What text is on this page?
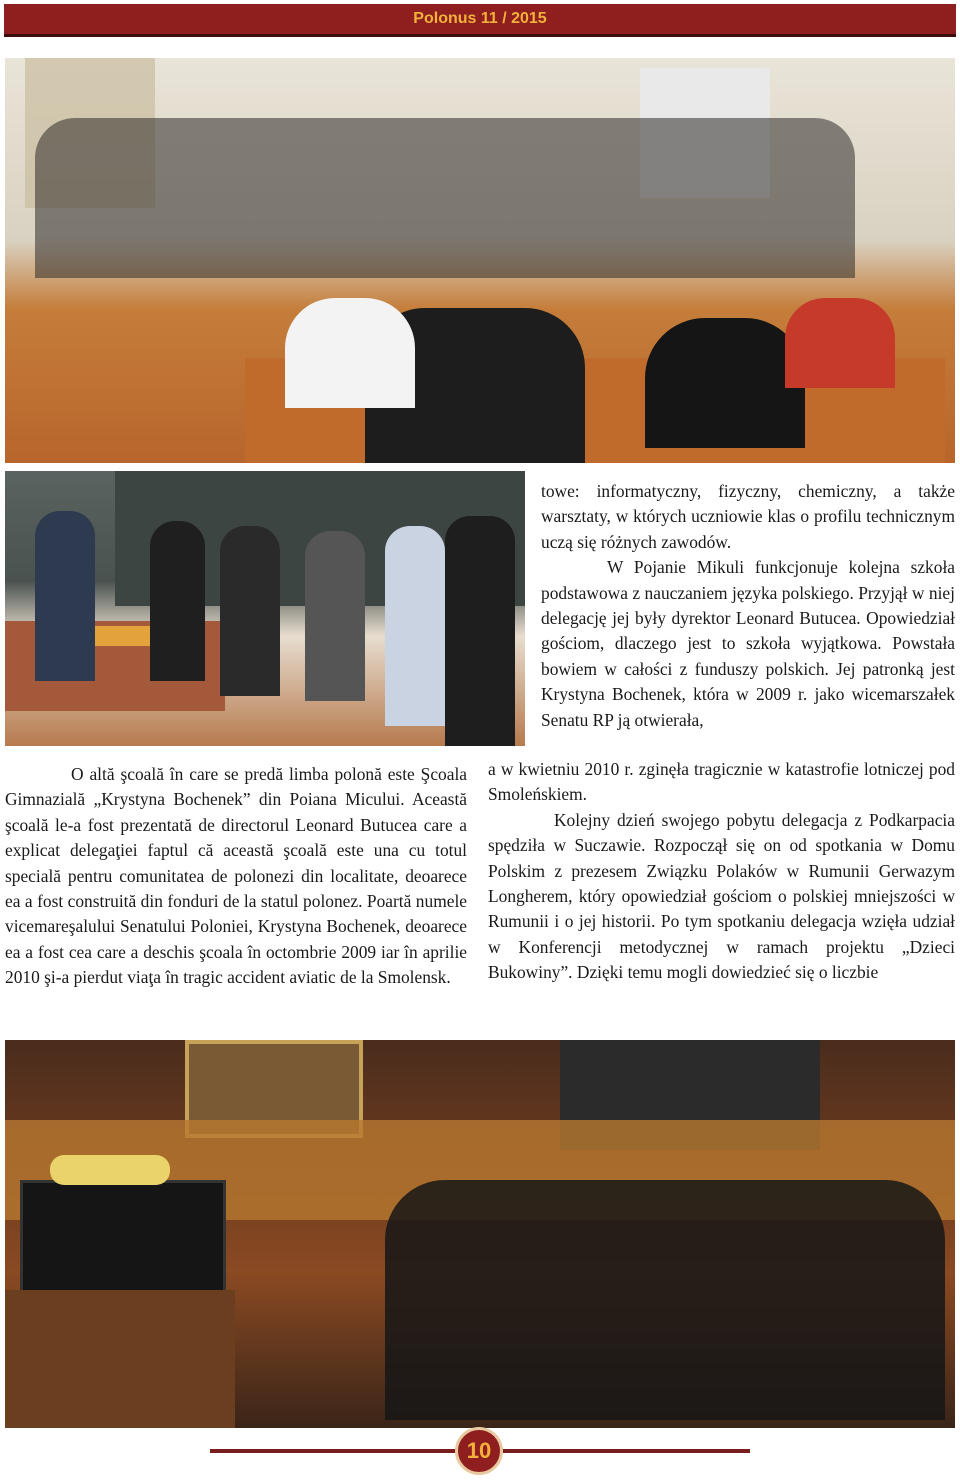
Polonus 11 / 2015

O altă şcoală în care se predă limba polonă este Şcoala Gimnazială „Krystyna Bochenek” din Poiana Micului. Această şcoală le-a fost prezentată de directorul Leonard Butucea care a explicat delegaţiei faptul că această şcoală este una cu totul specială pentru comunitatea de polonezi din localitate, deoarece ea a fost construită din fonduri de la statul polonez. Poartă numele vicemareşalului Senatului Poloniei, Krystyna Bochenek, deoarece ea a fost cea care a deschis şcoala în octombrie 2009 iar în aprilie 2010 şi-a pierdut viaţa în tragic accident aviatic de la Smolensk.

towe: informatyczny, fizyczny, chemiczny, a także warsztaty, w których uczniowie klas o profilu technicznym uczą się różnych zawodów.

W Pojanie Mikuli funkcjonuje kolejna szkoła podstawowa z nauczaniem języka polskiego. Przyjął w niej delegację jej były dyrektor Leonard Butucea. Opowiedział gościom, dlaczego jest to szkoła wyjątkowa. Powstała bowiem w całości z funduszy polskich. Jej patronką jest Krystyna Bochenek, która w 2009 r. jako wicemarszałek Senatu RP ją otwierała,

a w kwietniu 2010 r. zginęła tragicznie w katastrofie lotniczej pod Smoleńskiem.

Kolejny dzień swojego pobytu delegacja z Podkarpacia spędziła w Suczawie. Rozpoczął się on od spotkania w Domu Polskim z prezesem Związku Polaków w Rumunii Gerwazym Longherem, który opowiedział gościom o polskiej mniejszości w Rumunii i o jej historii. Po tym spotkaniu delegacja wzięła udział w Konferencji metodycznej w ramach projektu „Dzieci Bukowiny”. Dzięki temu mogli dowiedzieć się o liczbie

10
